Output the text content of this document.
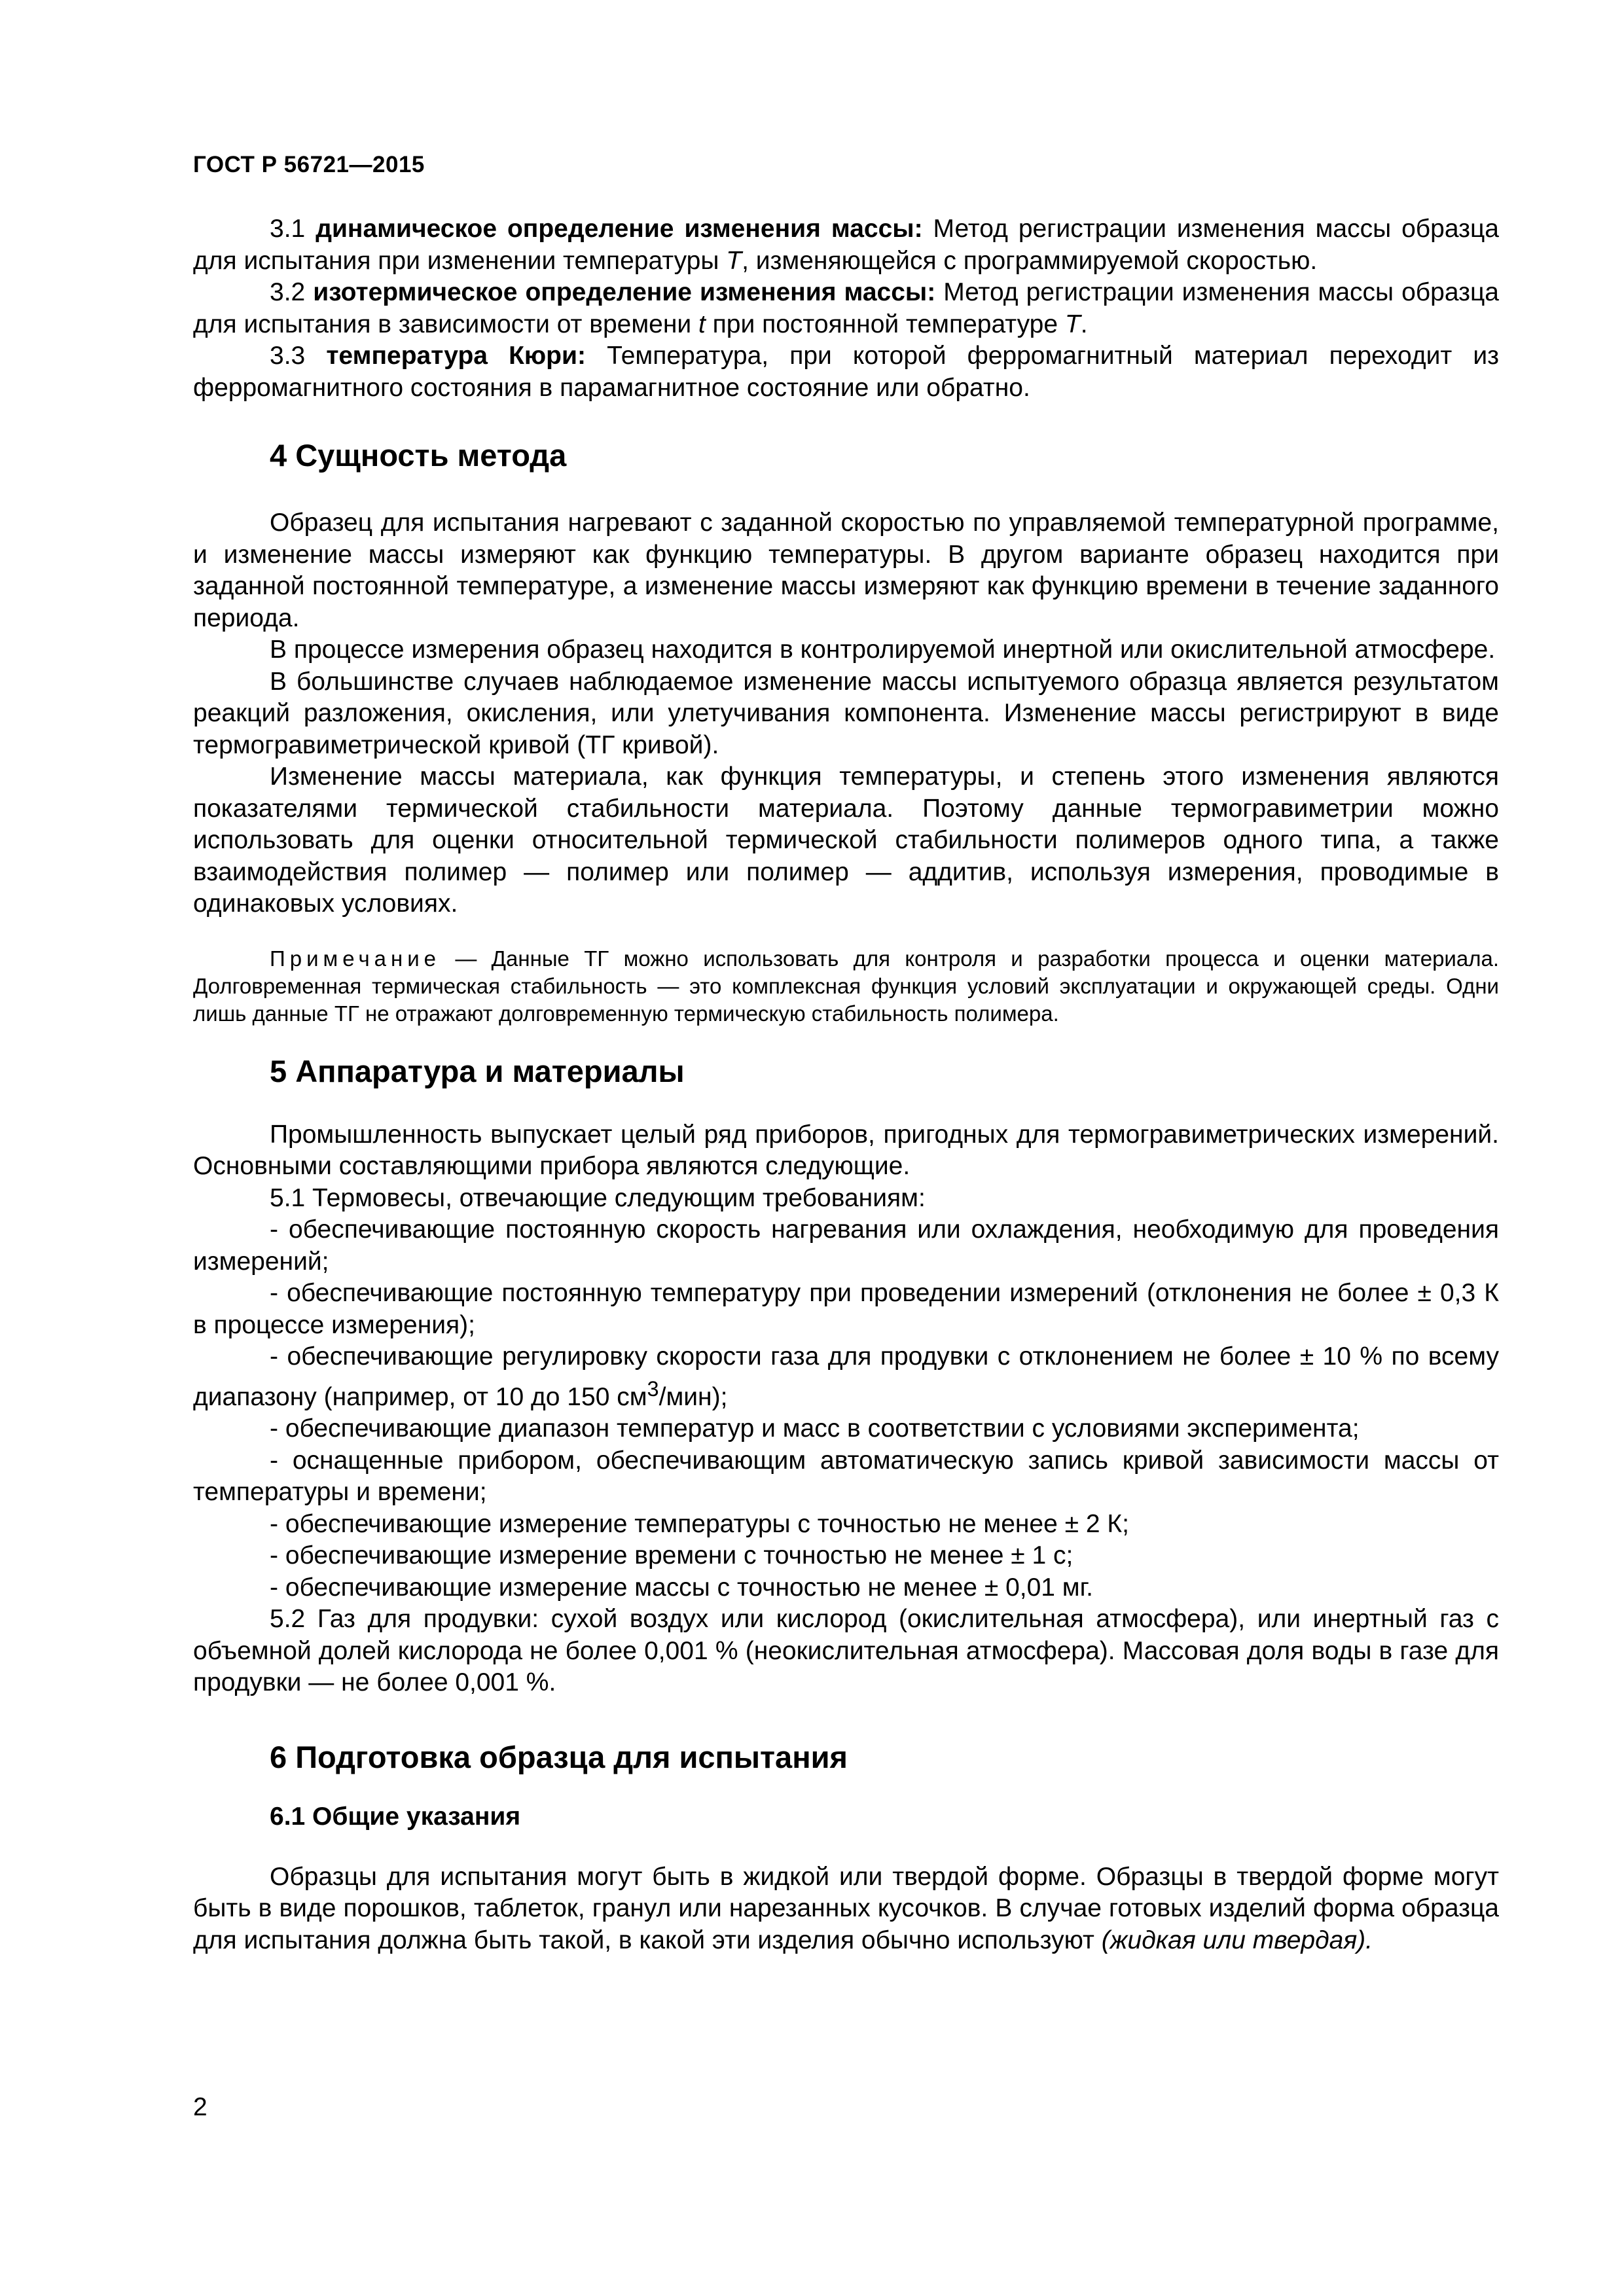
ГОСТ Р 56721—2015

3.1 динамическое определение изменения массы: Метод регистрации изменения массы образца для испытания при изменении температуры T, изменяющейся с программируемой скоростью.

3.2 изотермическое определение изменения массы: Метод регистрации изменения массы образца для испытания в зависимости от времени t при постоянной температуре T.

3.3 температура Кюри: Температура, при которой ферромагнитный материал переходит из ферромагнитного состояния в парамагнитное состояние или обратно.

4 Сущность метода

Образец для испытания нагревают с заданной скоростью по управляемой температурной программе, и изменение массы измеряют как функцию температуры. В другом варианте образец находится при заданной постоянной температуре, а изменение массы измеряют как функцию времени в течение заданного периода.

В процессе измерения образец находится в контролируемой инертной или окислительной атмосфере.

В большинстве случаев наблюдаемое изменение массы испытуемого образца является результатом реакций разложения, окисления, или улетучивания компонента. Изменение массы регистрируют в виде термогравиметрической кривой (ТГ кривой).

Изменение массы материала, как функция температуры, и степень этого изменения являются показателями термической стабильности материала. Поэтому данные термогравиметрии можно использовать для оценки относительной термической стабильности полимеров одного типа, а также взаимодействия полимер — полимер или полимер — аддитив, используя измерения, проводимые в одинаковых условиях.

Примечание — Данные ТГ можно использовать для контроля и разработки процесса и оценки материала. Долговременная термическая стабильность — это комплексная функция условий эксплуатации и окружающей среды. Одни лишь данные ТГ не отражают долговременную термическую стабильность полимера.
5 Аппаратура и материалы

Промышленность выпускает целый ряд приборов, пригодных для термогравиметрических измерений. Основными составляющими прибора являются следующие.

5.1 Термовесы, отвечающие следующим требованиям:

- обеспечивающие постоянную скорость нагревания или охлаждения, необходимую для проведения измерений;

- обеспечивающие постоянную температуру при проведении измерений (отклонения не более ± 0,3 К в процессе измерения);

- обеспечивающие регулировку скорости газа для продувки с отклонением не более ± 10 % по всему диапазону (например, от 10 до 150 $см^3/мин$);

- обеспечивающие диапазон температур и масс в соответствии с условиями эксперимента;

- оснащенные прибором, обеспечивающим автоматическую запись кривой зависимости массы от температуры и времени;

- обеспечивающие измерение температуры с точностью не менее ± 2 К;

- обеспечивающие измерение времени с точностью не менее ± 1 с;

- обеспечивающие измерение массы с точностью не менее ± 0,01 мг.

5.2 Газ для продувки: сухой воздух или кислород (окислительная атмосфера), или инертный газ с объемной долей кислорода не более 0,001 % (неокислительная атмосфера). Массовая доля воды в газе для продувки — не более 0,001 %.

6 Подготовка образца для испытания
6.1 Общие указания

Образцы для испытания могут быть в жидкой или твердой форме. Образцы в твердой форме могут быть в виде порошков, таблеток, гранул или нарезанных кусочков. В случае готовых изделий форма образца для испытания должна быть такой, в какой эти изделия обычно используют (жидкая или твердая).

2
